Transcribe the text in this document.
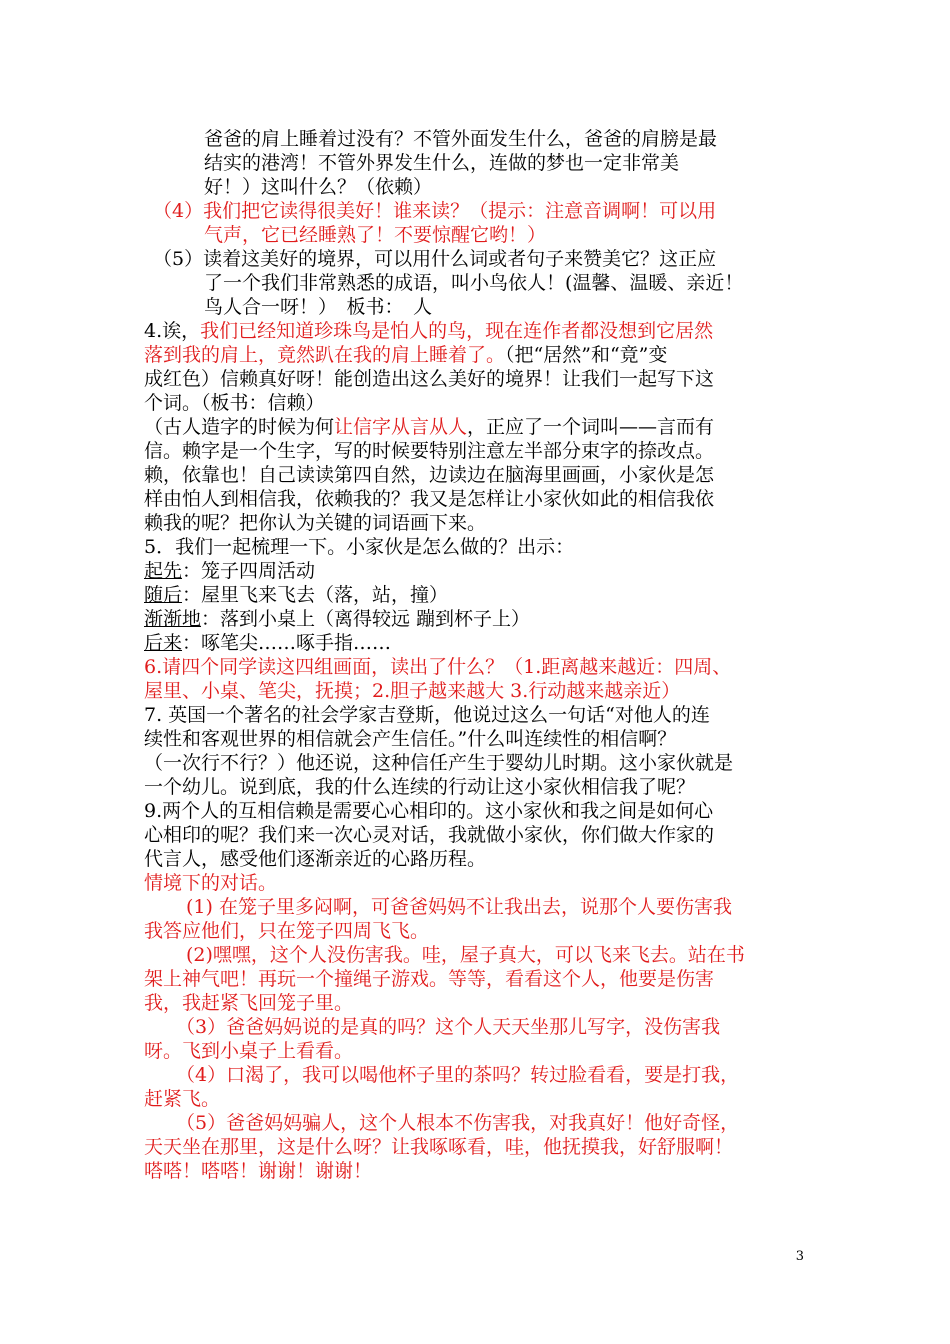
爸爸的肩上睡着过没有？不管外面发生什么，爸爸的肩膀是最
结实的港湾！不管外界发生什么，连做的梦也一定非常美
好！）这叫什么？（依赖）
（4）我们把它读得很美好！谁来读？（提示：注意音调啊！可以用
气声，它已经睡熟了！不要惊醒它哟！）
（5）读着这美好的境界，可以用什么词或者句子来赞美它？这正应
了一个我们非常熟悉的成语，叫小鸟依人！(温馨、温暖、亲近！
鸟人合一呀！）　板书：　人
4.诶，我们已经知道珍珠鸟是怕人的鸟，现在连作者都没想到它居然
落到我的肩上，竟然趴在我的肩上睡着了。（把“居然”和“竟”变
成红色）信赖真好呀！能创造出这么美好的境界！让我们一起写下这
个词。（板书：信赖）
（古人造字的时候为何让信字从言从人，正应了一个词叫——言而有
信。赖字是一个生字，写的时候要特别注意左半部分束字的捺改点。
赖，依靠也！自己读读第四自然，边读边在脑海里画画，小家伙是怎
样由怕人到相信我，依赖我的？我又是怎样让小家伙如此的相信我依
赖我的呢？把你认为关键的词语画下来。
5．我们一起梳理一下。小家伙是怎么做的？出示：
起先：笼子四周活动
随后：屋里飞来飞去（落，站，撞）
渐渐地：落到小桌上（离得较远 蹦到杯子上）
后来：啄笔尖……啄手指……
6.请四个同学读这四组画面，读出了什么？（1.距离越来越近：四周、
屋里、小桌、笔尖，抚摸；2.胆子越来越大 3.行动越来越亲近）
7. 英国一个著名的社会学家吉登斯，他说过这么一句话“对他人的连
续性和客观世界的相信就会产生信任。”什么叫连续性的相信啊？
（一次行不行？）他还说，这种信任产生于婴幼儿时期。这小家伙就是
一个幼儿。说到底，我的什么连续的行动让这小家伙相信我了呢？
9.两个人的互相信赖是需要心心相印的。这小家伙和我之间是如何心
心相印的呢？我们来一次心灵对话，我就做小家伙，你们做大作家的
代言人，感受他们逐渐亲近的心路历程。
情境下的对话。
(1) 在笼子里多闷啊，可爸爸妈妈不让我出去，说那个人要伤害我
我答应他们，只在笼子四周飞飞。
(2)嘿嘿，这个人没伤害我。哇，屋子真大，可以飞来飞去。站在书
架上神气吧！再玩一个撞绳子游戏。等等，看看这个人，他要是伤害
我，我赶紧飞回笼子里。
（3）爸爸妈妈说的是真的吗？这个人天天坐那儿写字，没伤害我
呀。飞到小桌子上看看。
（4）口渴了，我可以喝他杯子里的茶吗？转过脸看看，要是打我，
赶紧飞。
（5）爸爸妈妈骗人，这个人根本不伤害我，对我真好！他好奇怪，
天天坐在那里，这是什么呀？让我啄啄看，哇，他抚摸我，好舒服啊！
嗒嗒！嗒嗒！谢谢！谢谢！
3
